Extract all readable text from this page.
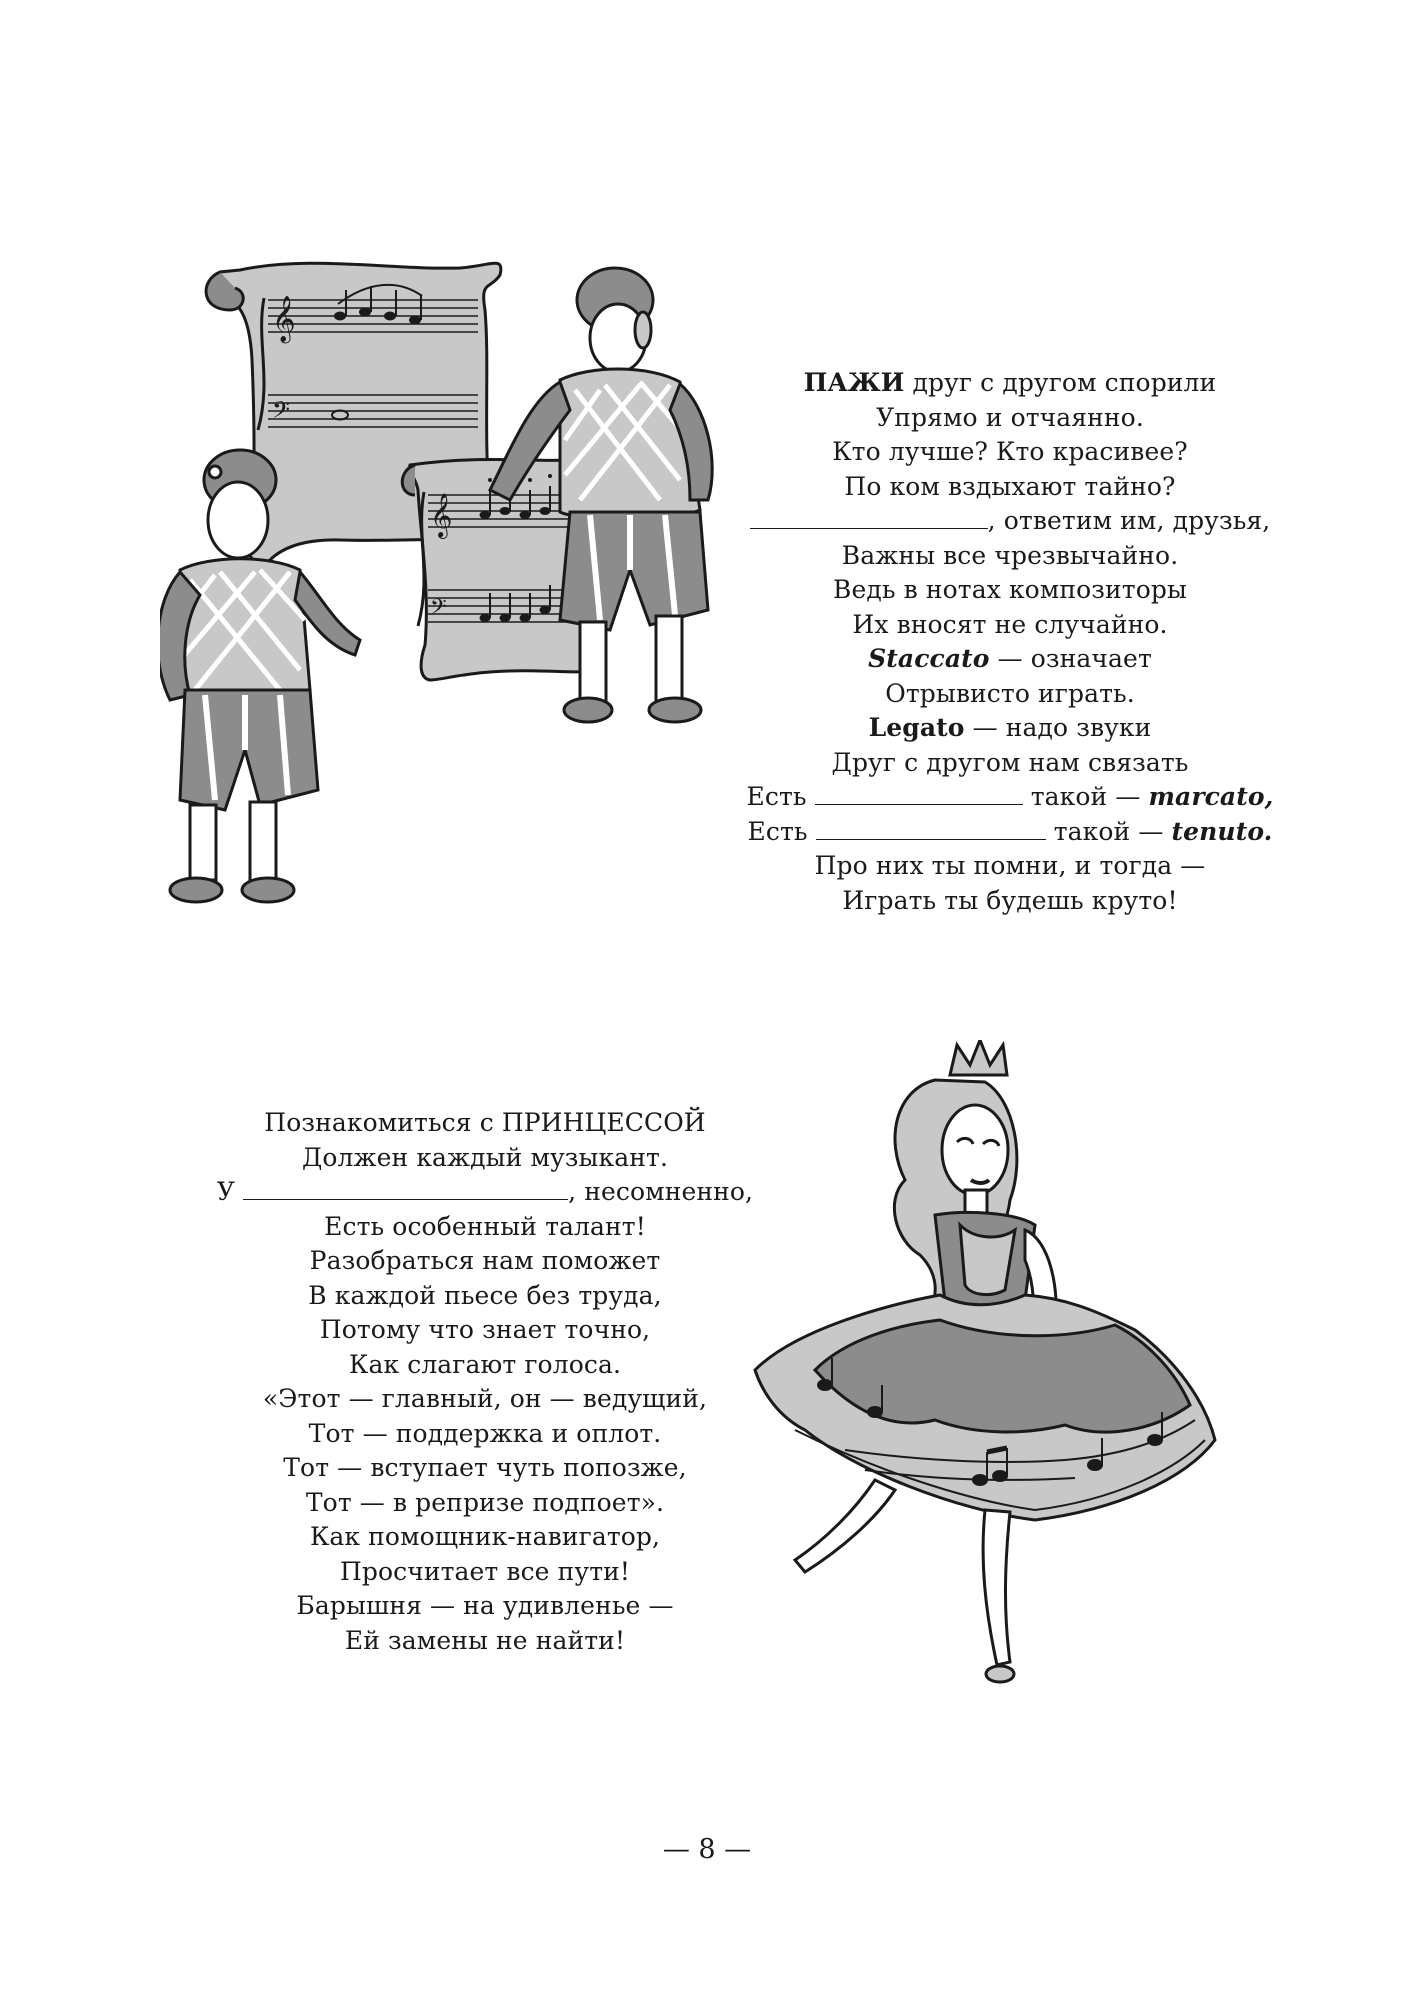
𝄞
𝄢
𝄞
𝄢
ПАЖИ друг с другом спорили
Упрямо и отчаянно.
Кто лучше? Кто красивее?
По ком вздыхают тайно?
, ответим им, друзья,
Важны все чрезвычайно.
Ведь в нотах композиторы
Их вносят не случайно.
Staccato — означает
Отрывисто играть.
Legato — надо звуки
Друг с другом нам связать
Есть	такой — marcato,
Есть	такой — tenuto.
Про них ты помни, и тогда —
Играть ты будешь круто!
Познакомиться с ПРИНЦЕССОЙ
Должен каждый музыкант.
У	, несомненно,
Есть особенный талант!
Разобраться нам поможет
В каждой пьесе без труда,
Потому что знает точно,
Как слагают голоса.
«Этот — главный, он — ведущий,
Тот — поддержка и оплот.
Тот — вступает чуть попозже,
Тот — в репризе подпоет».
Как помощник-навигатор,
Просчитает все пути!
Барышня — на удивленье —
Ей замены не найти!
— 8 —
